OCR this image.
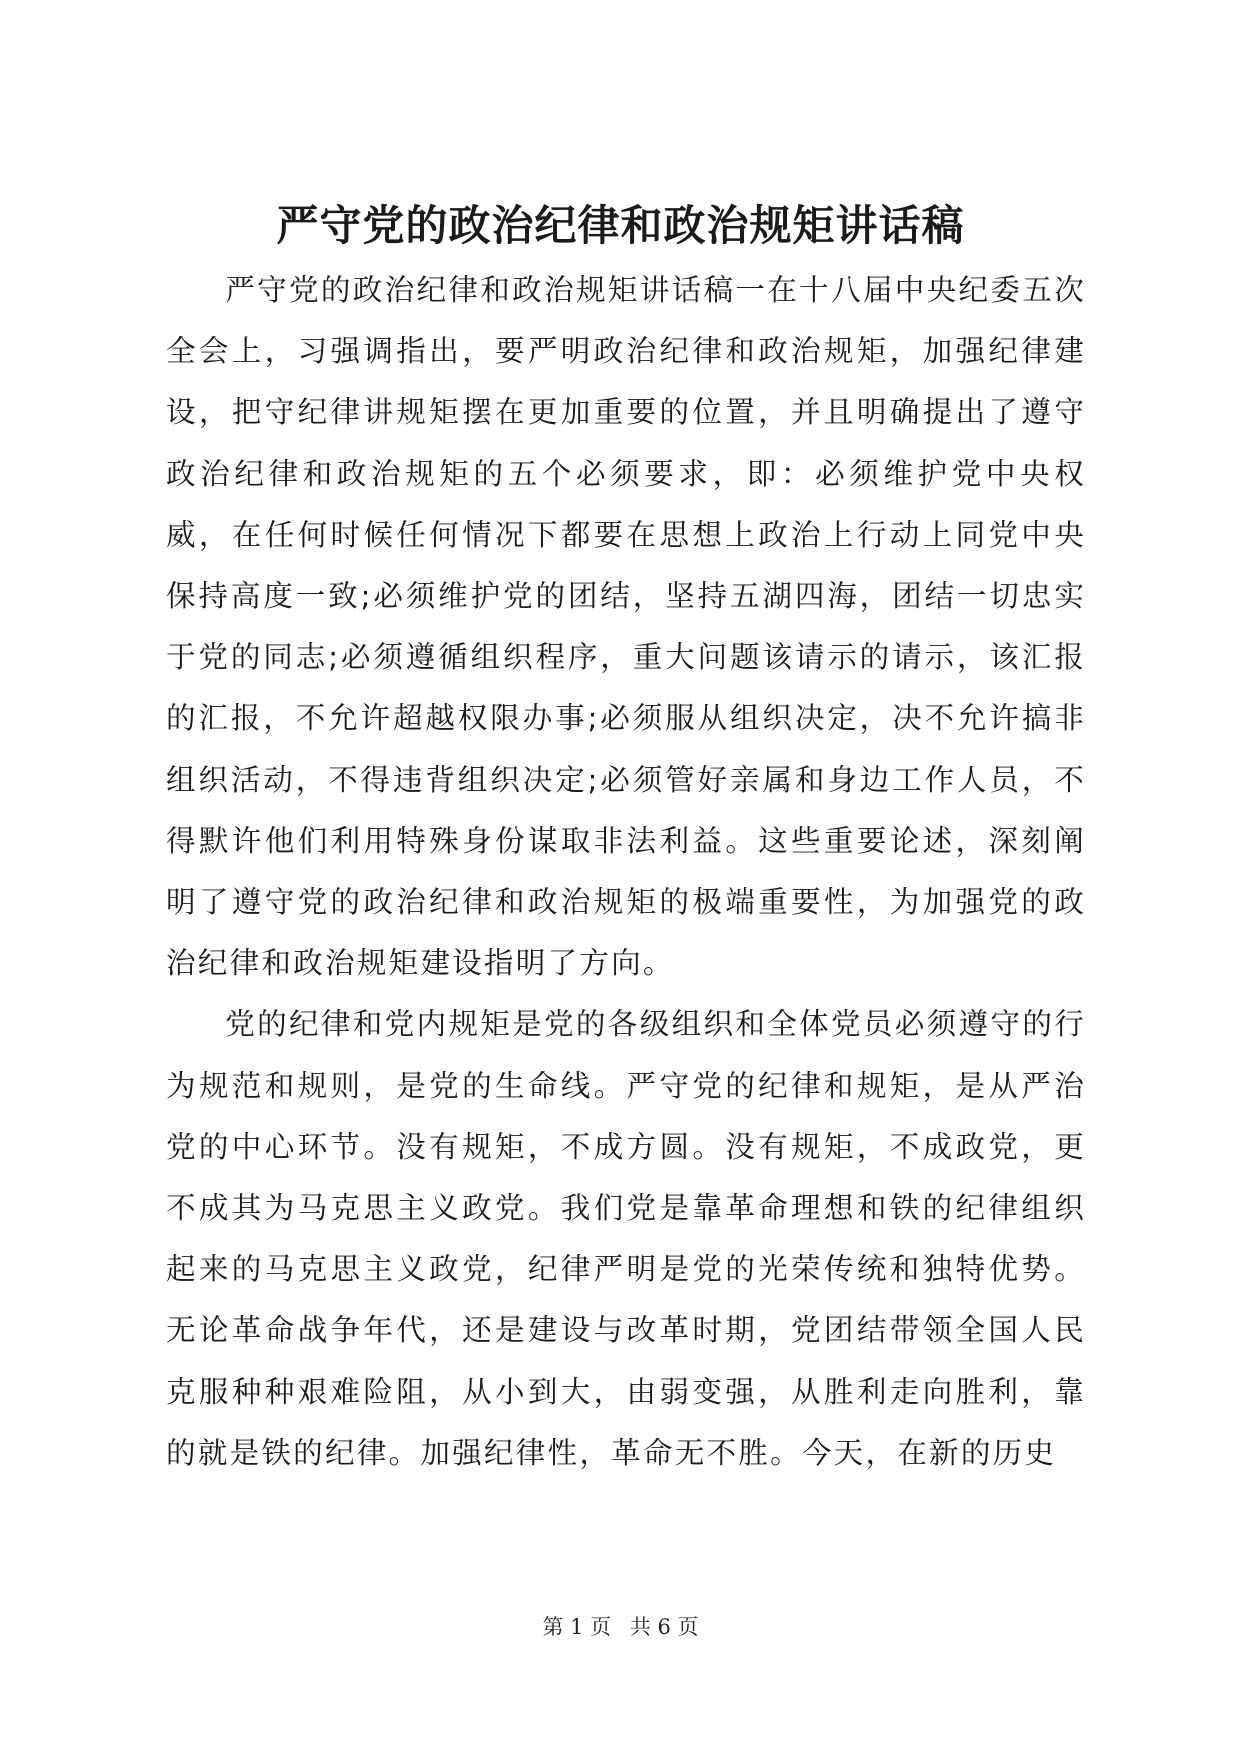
严守党的政治纪律和政治规矩讲话稿

严守党的政治纪律和政治规矩讲话稿一在十八届中央纪委五次全会上，习强调指出，要严明政治纪律和政治规矩，加强纪律建设，把守纪律讲规矩摆在更加重要的位置，并且明确提出了遵守政治纪律和政治规矩的五个必须要求，即：必须维护党中央权威，在任何时候任何情况下都要在思想上政治上行动上同党中央保持高度一致;必须维护党的团结，坚持五湖四海，团结一切忠实于党的同志;必须遵循组织程序，重大问题该请示的请示，该汇报的汇报，不允许超越权限办事;必须服从组织决定，决不允许搞非组织活动，不得违背组织决定;必须管好亲属和身边工作人员，不得默许他们利用特殊身份谋取非法利益。这些重要论述，深刻阐明了遵守党的政治纪律和政治规矩的极端重要性，为加强党的政治纪律和政治规矩建设指明了方向。

党的纪律和党内规矩是党的各级组织和全体党员必须遵守的行为规范和规则，是党的生命线。严守党的纪律和规矩，是从严治党的中心环节。没有规矩，不成方圆。没有规矩，不成政党，更不成其为马克思主义政党。我们党是靠革命理想和铁的纪律组织起来的马克思主义政党，纪律严明是党的光荣传统和独特优势。无论革命战争年代，还是建设与改革时期，党团结带领全国人民克服种种艰难险阻，从小到大，由弱变强，从胜利走向胜利，靠的就是铁的纪律。加强纪律性，革命无不胜。今天，在新的历史

第 1 页 共 6 页
